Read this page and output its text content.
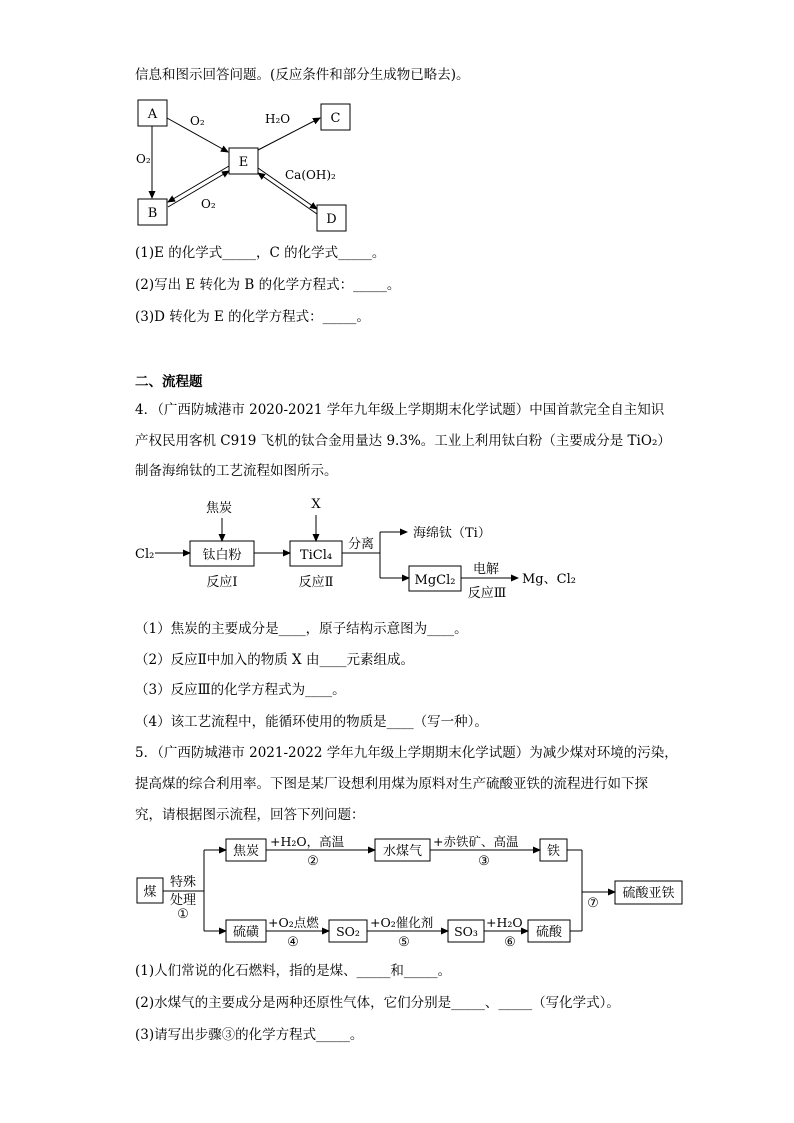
信息和图示回答问题。(反应条件和部分生成物已略去)。
A
B
E
C
D
O₂
O₂
H₂O
O₂
Ca(OH)₂
Cl₂
焦炭
钛白粉
反应Ⅰ
X
TiCl₄
反应Ⅱ
分离
海绵钛（Ti）
MgCl₂
电解
反应Ⅲ
Mg、Cl₂
煤
特殊
处理
①
焦炭
+H₂O，高温
②
水煤气
+赤铁矿、高温
③
铁
硫磺
+O₂点燃
④
SO₂
+O₂催化剂
⑤
SO₃
+H₂O
⑥
硫酸
⑦
硫酸亚铁
(1)E 的化学式_____，C 的化学式_____。
(2)写出 E 转化为 B 的化学方程式：_____。
(3)D 转化为 E 的化学方程式：_____。
二、流程题
4．（广西防城港市 2020-2021 学年九年级上学期期末化学试题）中国首款完全自主知识
产权民用客机 C919 飞机的钛合金用量达 9.3%。工业上利用钛白粉（主要成分是 TiO₂）
制备海绵钛的工艺流程如图所示。
（1）焦炭的主要成分是____，原子结构示意图为____。
（2）反应Ⅱ中加入的物质 X 由____元素组成。
（3）反应Ⅲ的化学方程式为____。
（4）该工艺流程中，能循环使用的物质是____（写一种）。
5．（广西防城港市 2021-2022 学年九年级上学期期末化学试题）为减少煤对环境的污染，
提高煤的综合利用率。下图是某厂设想利用煤为原料对生产硫酸亚铁的流程进行如下探
究，请根据图示流程，回答下列问题：
(1)人们常说的化石燃料，指的是煤、_____和_____。
(2)水煤气的主要成分是两种还原性气体，它们分别是_____、_____（写化学式）。
(3)请写出步骤③的化学方程式_____。
